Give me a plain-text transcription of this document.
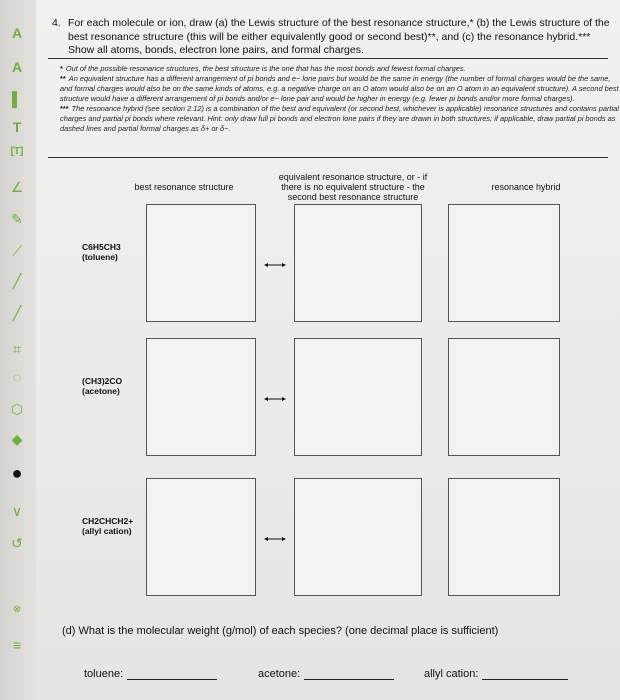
A
A
▌
T
[T]
∠
✎
⟋
╱
╱
⌗
◌
⬡
◆
●
∨
↺
⊗
≡
4. For each molecule or ion, draw (a) the Lewis structure of the best resonance structure,* (b) the Lewis structure of the best resonance structure (this will be either equivalently good or second best)**, and (c) the resonance hybrid.*** Show all atoms, bonds, electron lone pairs, and formal charges.

* Out of the possible resonance structures, the best structure is the one that has the most bonds and fewest formal charges.

** An equivalent structure has a different arrangement of pi bonds and e− lone pairs but would be the same in energy (the number of formal charges would be the same, and formal charges would also be on the same kinds of atoms, e.g. a negative charge on an O atom would also be on an O atom in an equivalent structure). A second best structure would have a different arrangement of pi bonds and/or e− lone pair and would be higher in energy (e.g. fewer pi bonds and/or more formal charges).

*** The resonance hybrid (see section 2.12) is a combination of the best and equivalent (or second best, whichever is applicable) resonance structures and contains partial charges and partial pi bonds where relevant. Hint: only draw full pi bonds and electron lone pairs if they are drawn in both structures; if applicable, draw partial pi bonds as dashed lines and partial formal charges as δ+ or δ−.

best resonance structure
equivalent resonance structure, or - if there is no equivalent structure - the second best resonance structure
resonance hybrid
C6H5CH3
(toluene)
(CH3)2CO
(acetone)
CH2CHCH2+
(allyl cation)
(d) What is the molecular weight (g/mol) of each species? (one decimal place is sufficient)
toluene:	acetone:	allyl cation:
